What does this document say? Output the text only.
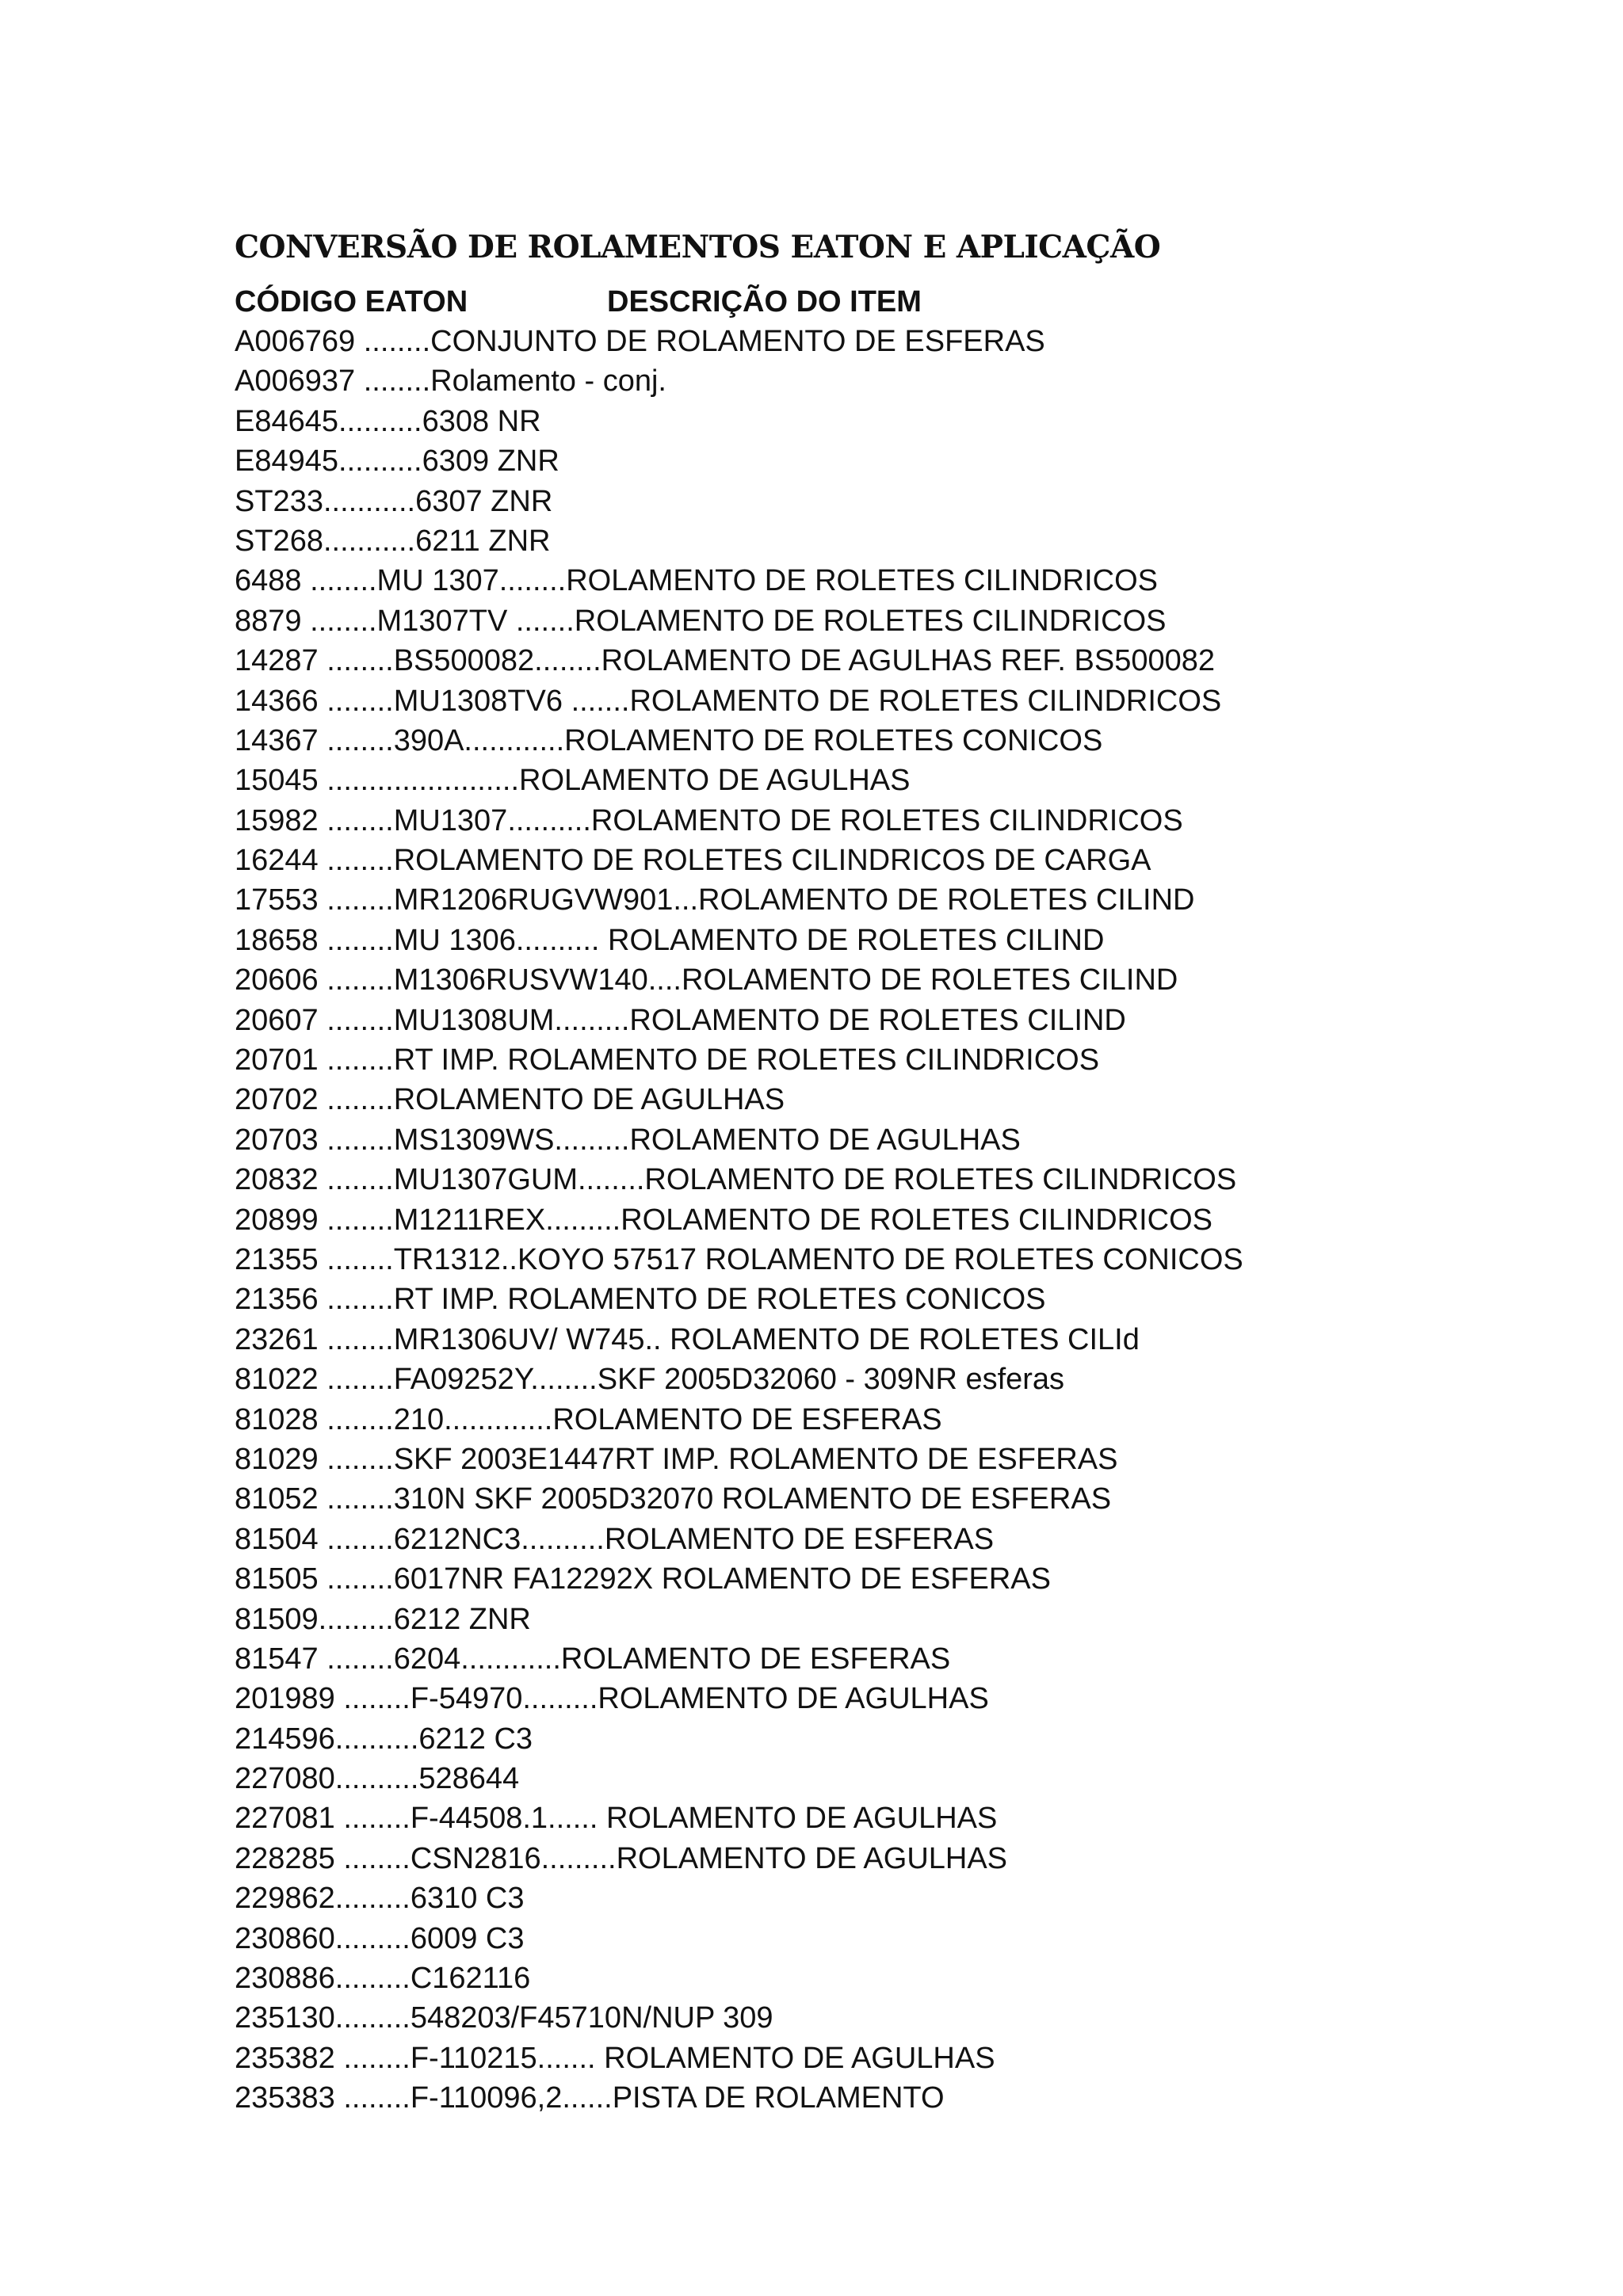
CONVERSÃO DE ROLAMENTOS EATON E APLICAÇÃO
CÓDIGO EATON	DESCRIÇÃO DO ITEM
A006769 ........CONJUNTO DE ROLAMENTO DE ESFERAS
A006937 ........Rolamento - conj.
E84645..........6308 NR
E84945..........6309 ZNR
ST233...........6307 ZNR
ST268...........6211 ZNR
6488 ........MU 1307........ROLAMENTO DE ROLETES CILINDRICOS
8879 ........M1307TV .......ROLAMENTO DE ROLETES CILINDRICOS
14287 ........BS500082........ROLAMENTO DE AGULHAS REF. BS500082
14366 ........MU1308TV6 .......ROLAMENTO DE ROLETES CILINDRICOS
14367 ........390A............ROLAMENTO DE ROLETES CONICOS
15045 .......................ROLAMENTO DE AGULHAS
15982 ........MU1307..........ROLAMENTO DE ROLETES CILINDRICOS
16244 ........ROLAMENTO DE ROLETES CILINDRICOS DE CARGA
17553 ........MR1206RUGVW901...ROLAMENTO DE ROLETES CILIND
18658 ........MU 1306.......... ROLAMENTO DE ROLETES CILIND
20606 ........M1306RUSVW140....ROLAMENTO DE ROLETES CILIND
20607 ........MU1308UM.........ROLAMENTO DE ROLETES CILIND
20701 ........RT IMP. ROLAMENTO DE ROLETES CILINDRICOS
20702 ........ROLAMENTO DE AGULHAS
20703 ........MS1309WS.........ROLAMENTO DE AGULHAS
20832 ........MU1307GUM........ROLAMENTO DE ROLETES CILINDRICOS
20899 ........M1211REX.........ROLAMENTO DE ROLETES CILINDRICOS
21355 ........TR1312..KOYO 57517 ROLAMENTO DE ROLETES CONICOS
21356 ........RT IMP. ROLAMENTO DE ROLETES CONICOS
23261 ........MR1306UV/ W745.. ROLAMENTO DE ROLETES CILId
81022 ........FA09252Y........SKF 2005D32060 - 309NR esferas
81028 ........210.............ROLAMENTO DE ESFERAS
81029 ........SKF 2003E1447RT IMP. ROLAMENTO DE ESFERAS
81052 ........310N SKF 2005D32070 ROLAMENTO DE ESFERAS
81504 ........6212NC3..........ROLAMENTO DE ESFERAS
81505 ........6017NR FA12292X ROLAMENTO DE ESFERAS
81509.........6212 ZNR
81547 ........6204............ROLAMENTO DE ESFERAS
201989 ........F-54970.........ROLAMENTO DE AGULHAS
214596..........6212 C3
227080..........528644
227081 ........F-44508.1...... ROLAMENTO DE AGULHAS
228285 ........CSN2816.........ROLAMENTO DE AGULHAS
229862.........6310 C3
230860.........6009 C3
230886.........C162116
235130.........548203/F45710N/NUP 309
235382 ........F-110215....... ROLAMENTO DE AGULHAS
235383 ........F-110096,2......PISTA DE ROLAMENTO
